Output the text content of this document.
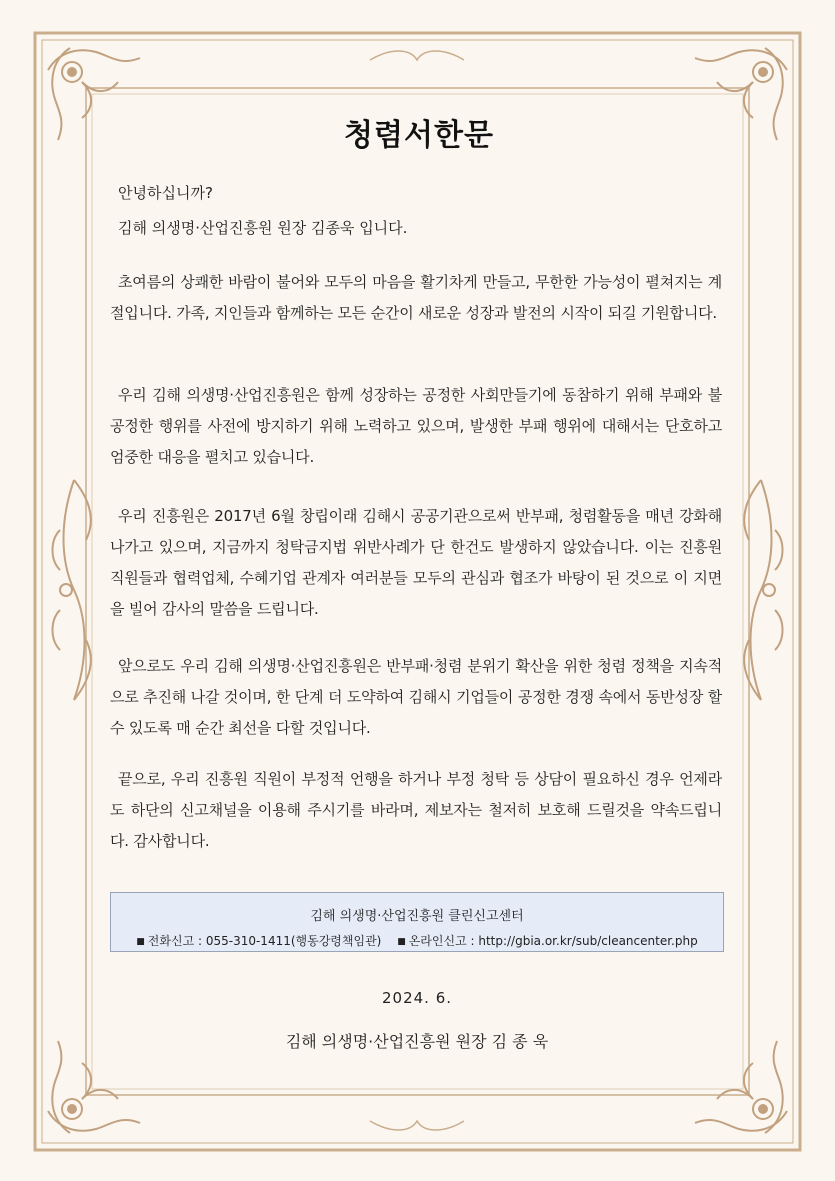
청렴서한문
안녕하십니까?
김해 의생명·산업진흥원 원장 김종욱 입니다.
초여름의 상쾌한 바람이 불어와 모두의 마음을 활기차게 만들고, 무한한 가능성이 펼쳐지는 계절입니다. 가족, 지인들과 함께하는 모든 순간이 새로운 성장과 발전의 시작이 되길 기원합니다.
우리 김해 의생명·산업진흥원은 함께 성장하는 공정한 사회만들기에 동참하기 위해 부패와 불공정한 행위를 사전에 방지하기 위해 노력하고 있으며, 발생한 부패 행위에 대해서는 단호하고 엄중한 대응을 펼치고 있습니다.
우리 진흥원은 2017년 6월 창립이래 김해시 공공기관으로써 반부패, 청렴활동을 매년 강화해 나가고 있으며, 지금까지 청탁금지법 위반사례가 단 한건도 발생하지 않았습니다. 이는 진흥원 직원들과 협력업체, 수혜기업 관계자 여러분들 모두의 관심과 협조가 바탕이 된 것으로 이 지면을 빌어 감사의 말씀을 드립니다.
앞으로도 우리 김해 의생명·산업진흥원은 반부패·청렴 분위기 확산을 위한 청렴 정책을 지속적으로 추진해 나갈 것이며, 한 단계 더 도약하여 김해시 기업들이 공정한 경쟁 속에서 동반성장 할 수 있도록 매 순간 최선을 다할 것입니다.
끝으로, 우리 진흥원 직원이 부정적 언행을 하거나 부정 청탁 등 상담이 필요하신 경우 언제라도 하단의 신고채널을 이용해 주시기를 바라며, 제보자는 철저히 보호해 드릴것을 약속드립니다. 감사합니다.
김해 의생명·산업진흥원 클린신고센터
■ 전화신고 : 055-310-1411(행동강령책임관) ■ 온라인신고 : http://gbia.or.kr/sub/cleancenter.php
2024. 6.
김해 의생명·산업진흥원 원장 김 종 욱
